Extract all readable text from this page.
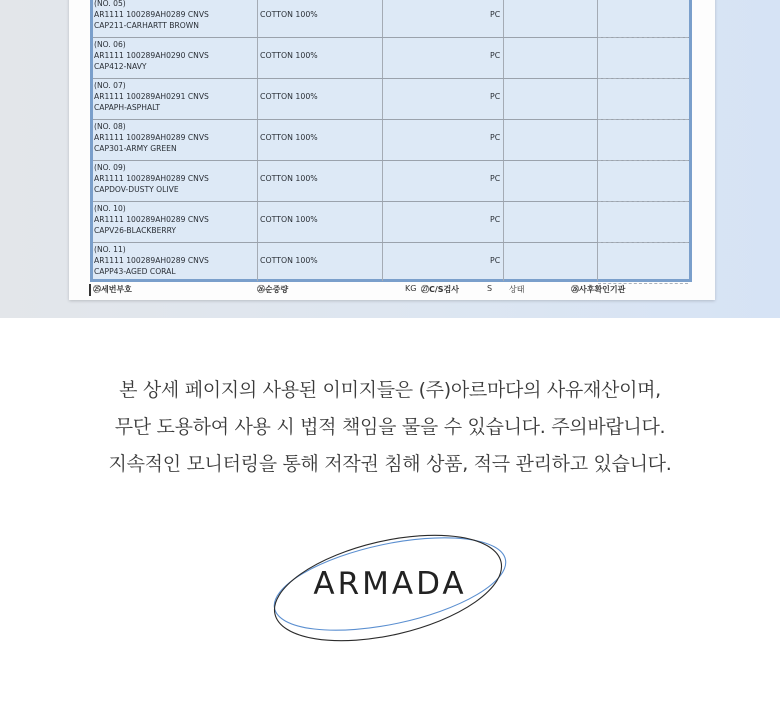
(NO. 05)
AR1111 100289AH0289 CNVS
CAP211-CARHARTT BROWN
COTTON 100%	PC
(NO. 06)
AR1111 100289AH0290 CNVS
CAP412-NAVY
COTTON 100%	PC
(NO. 07)
AR1111 100289AH0291 CNVS
CAPAPH-ASPHALT
COTTON 100%	PC
(NO. 08)
AR1111 100289AH0289 CNVS
CAP301-ARMY GREEN
COTTON 100%	PC
(NO. 09)
AR1111 100289AH0289 CNVS
CAPDOV-DUSTY OLIVE
COTTON 100%	PC
(NO. 10)
AR1111 100289AH0289 CNVS
CAPV26-BLACKBERRY
COTTON 100%	PC
(NO. 11)
AR1111 100289AH0289 CNVS
CAPP43-AGED CORAL
COTTON 100%	PC
㉕세번부호	㉖순중량	KG ㉗C/S검사	S 상태	㉘사후확인기관
본 상세 페이지의 사용된 이미지들은 (주)아르마다의 사유재산이며,
무단 도용하여 사용 시 법적 책임을 물을 수 있습니다. 주의바랍니다.
지속적인 모니터링을 통해 저작권 침해 상품, 적극 관리하고 있습니다.
ARMADA
